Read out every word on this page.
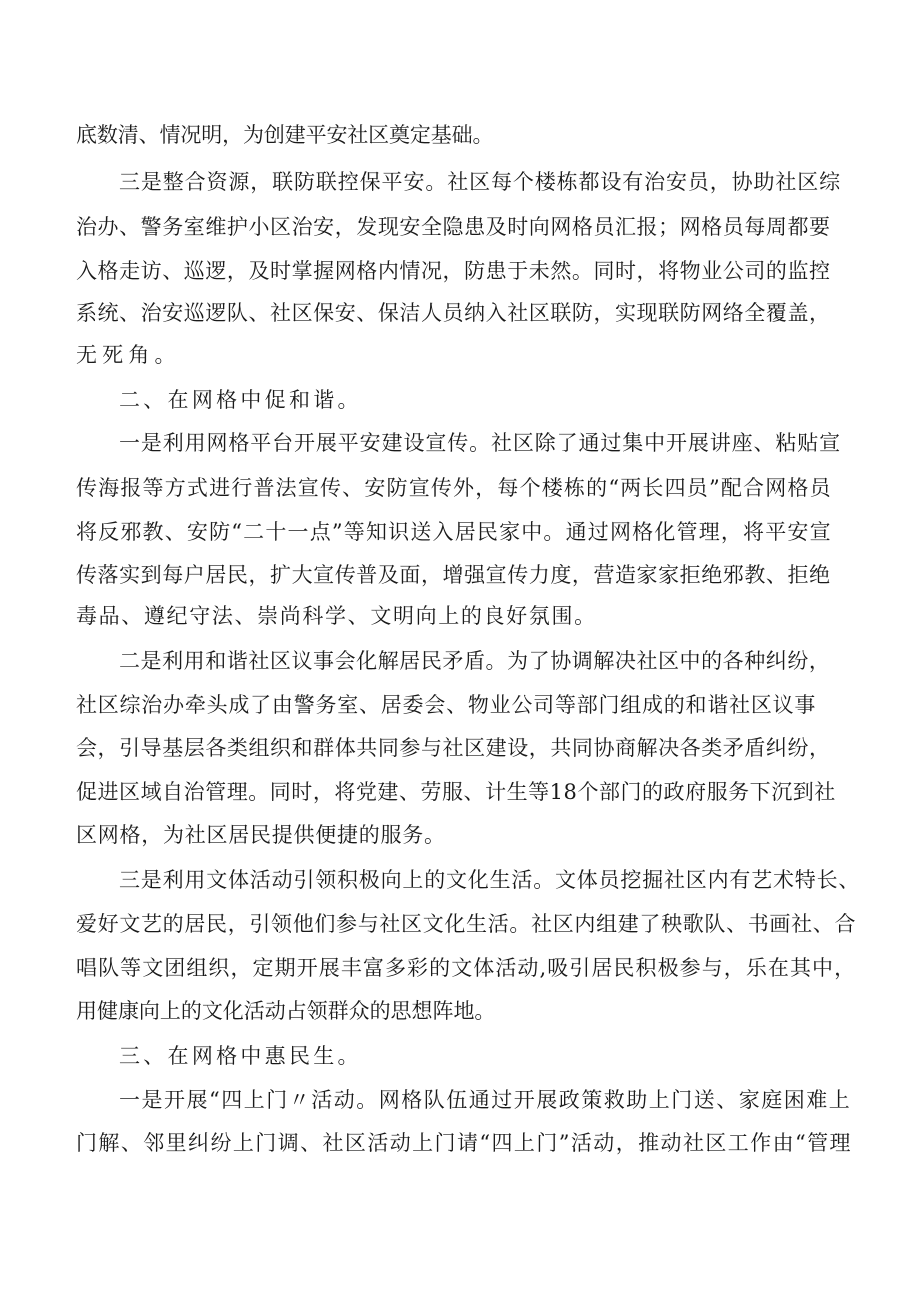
底数清、情况明，为创建平安社区奠定基础。
三是整合资源，联防联控保平安。社区每个楼栋都设有治安员，协助社区综
治办、警务室维护小区治安，发现安全隐患及时向网格员汇报；网格员每周都要
入格走访、巡逻，及时掌握网格内情况，防患于未然。同时，将物业公司的监控
系统、治安巡逻队、社区保安、保洁人员纳入社区联防，实现联防网络全覆盖，
无死角。
二、在网格中促和谐。
一是利用网格平台开展平安建设宣传。社区除了通过集中开展讲座、粘贴宣
传海报等方式进行普法宣传、安防宣传外，每个楼栋的“两长四员”配合网格员
将反邪教、安防“二十一点”等知识送入居民家中。通过网格化管理，将平安宣
传落实到每户居民，扩大宣传普及面，增强宣传力度，营造家家拒绝邪教、拒绝
毒品、遵纪守法、崇尚科学、文明向上的良好氛围。
二是利用和谐社区议事会化解居民矛盾。为了协调解决社区中的各种纠纷，
社区综治办牵头成了由警务室、居委会、物业公司等部门组成的和谐社区议事
会，引导基层各类组织和群体共同参与社区建设，共同协商解决各类矛盾纠纷，
促进区域自治管理。同时，将党建、劳服、计生等18个部门的政府服务下沉到社
区网格，为社区居民提供便捷的服务。
三是利用文体活动引领积极向上的文化生活。文体员挖掘社区内有艺术特长、
爱好文艺的居民，引领他们参与社区文化生活。社区内组建了秧歌队、书画社、合
唱队等文团组织，定期开展丰富多彩的文体活动,吸引居民积极参与，乐在其中，
用健康向上的文化活动占领群众的思想阵地。
三、在网格中惠民生。
一是开展“四上门〃活动。网格队伍通过开展政策救助上门送、家庭困难上
门解、邻里纠纷上门调、社区活动上门请“四上门”活动，推动社区工作由“管理
